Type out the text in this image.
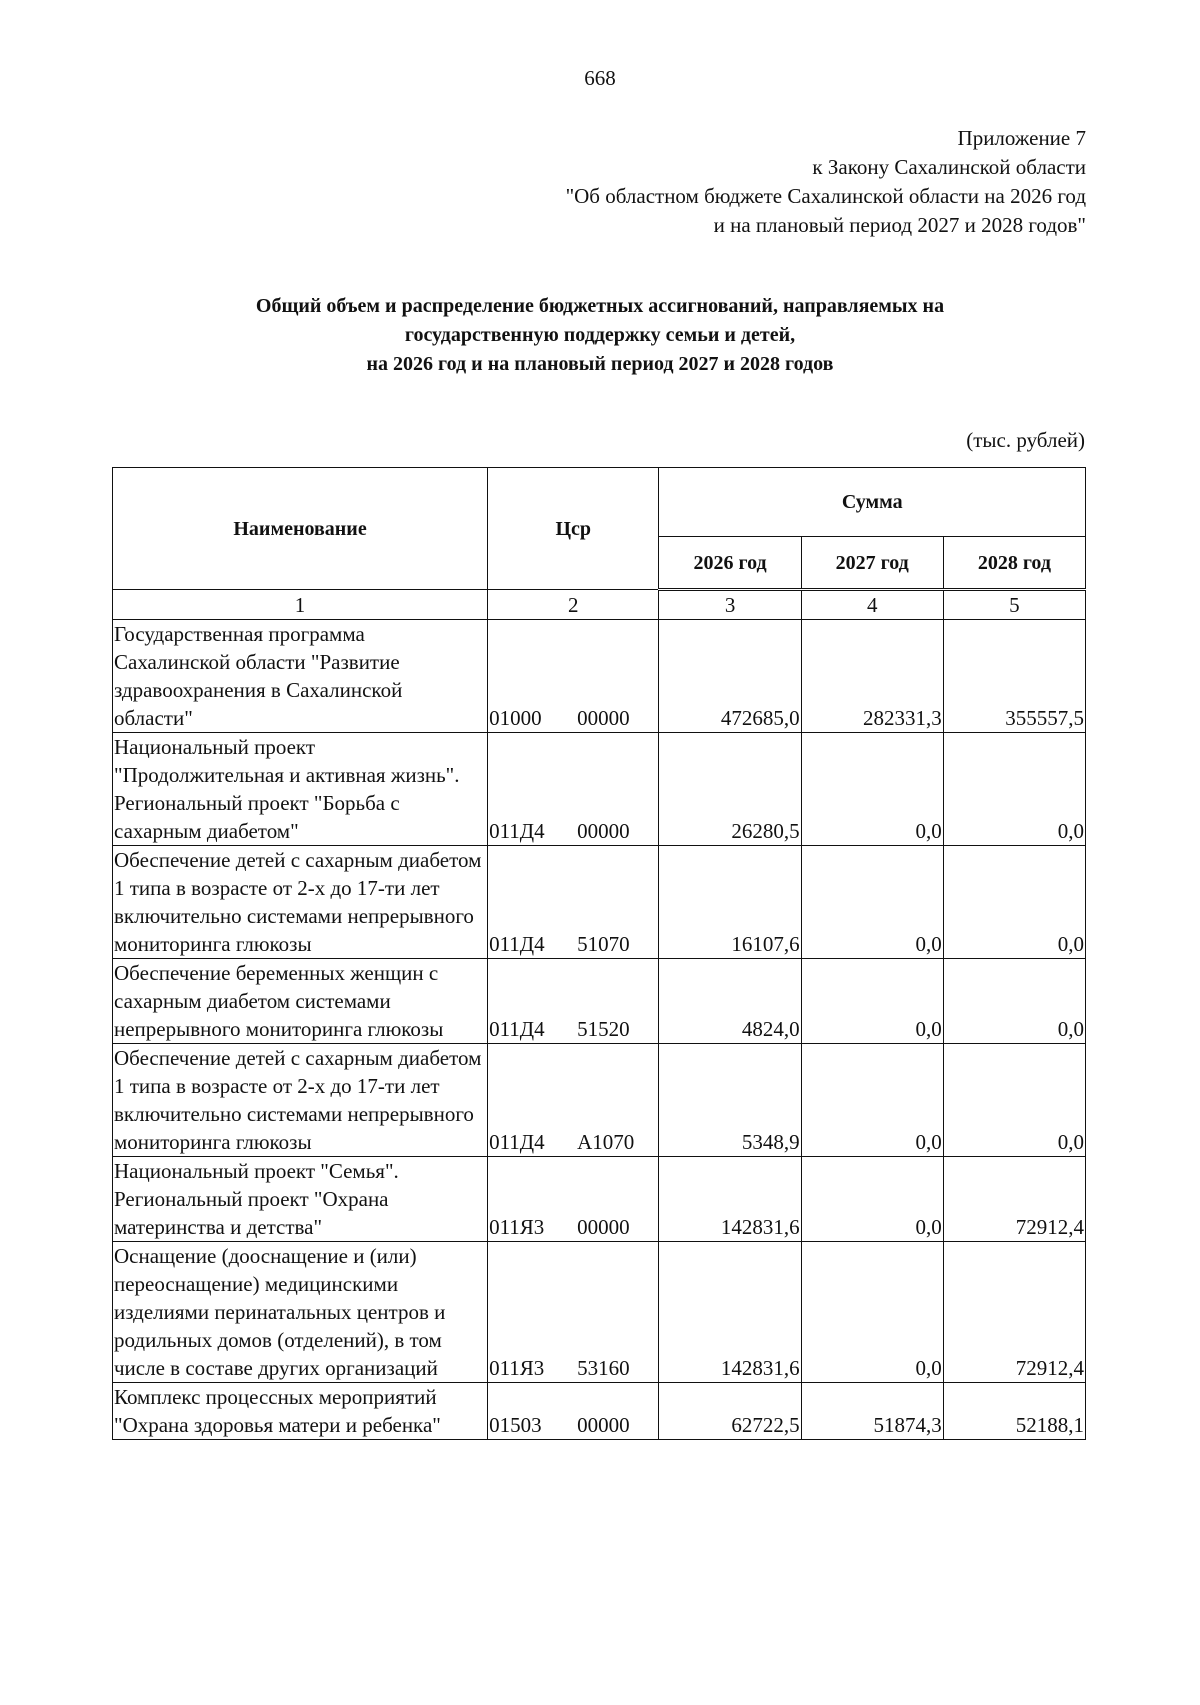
668
Приложение 7
к Закону Сахалинской области
"Об областном бюджете Сахалинской области на 2026 год
и на плановый период 2027 и 2028 годов"
Общий объем и распределение бюджетных ассигнований, направляемых на
государственную поддержку семьи и детей,
на 2026 год и на плановый период 2027 и 2028 годов
(тыс. рублей)
Наименование	Цср	Сумма		
		2026 год	2027 год	2028 год
1	2	3	4	5
Государственная программа Сахалинской области "Развитие здравоохранения в Сахалинской области"	01000 00000	472685,0	282331,3	355557,5
Национальный проект "Продолжительная и активная жизнь". Региональный проект "Борьба с сахарным диабетом"	011Д4 00000	26280,5	0,0	0,0
Обеспечение детей с сахарным диабетом 1 типа в возрасте от 2-х до 17-ти лет включительно системами непрерывного мониторинга глюкозы	011Д4 51070	16107,6	0,0	0,0
Обеспечение беременных женщин с сахарным диабетом системами непрерывного мониторинга глюкозы	011Д4 51520	4824,0	0,0	0,0
Обеспечение детей с сахарным диабетом 1 типа в возрасте от 2-х до 17-ти лет включительно системами непрерывного мониторинга глюкозы	011Д4 А1070	5348,9	0,0	0,0
Национальный проект "Семья". Региональный проект "Охрана материнства и детства"	011Я3 00000	142831,6	0,0	72912,4
Оснащение (дооснащение и (или) переоснащение) медицинскими изделиями перинатальных центров и родильных домов (отделений), в том числе в составе других организаций	011Я3 53160	142831,6	0,0	72912,4
Комплекс процессных мероприятий "Охрана здоровья матери и ребенка"	01503 00000	62722,5	51874,3	52188,1
